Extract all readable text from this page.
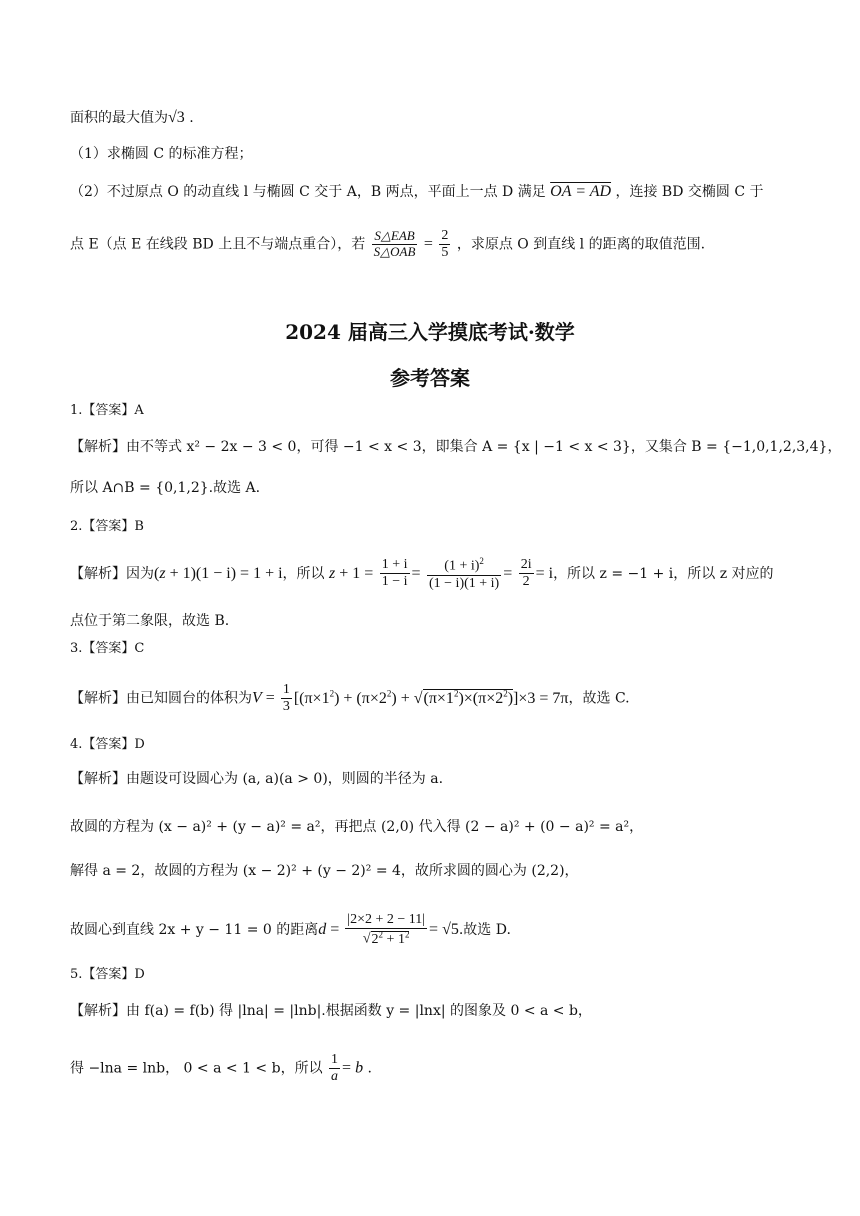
面积的最大值为√3 .
（1）求椭圆 C 的标准方程；
（2）不过原点 O 的动直线 l 与椭圆 C 交于 A，B 两点，平面上一点 D 满足 OA = AD ，连接 BD 交椭圆 C 于
点 E（点 E 在线段 BD 上且不与端点重合），若 $\frac{\text{S△EAB}}{\text{S△OAB}} = \frac{2}{5}$ ，求原点 O 到直线 l 的距离的取值范围.
2024 届高三入学摸底考试·数学
参考答案
1.【答案】A
【解析】由不等式 x² − 2x − 3 < 0，可得 −1 < x < 3，即集合 A = {x | −1 < x < 3}，又集合 B = {−1,0,1,2,3,4}，
所以 A∩B = {0,1,2}.故选 A.
2.【答案】B
【解析】因为(z + 1)(1 − i) = 1 + i，所以 $z + 1 = \frac{1 + i}{1 - i} = \frac{(1 + i)^2}{(1 - i)(1 + i)} = \frac{2i}{2} = i$，所以 z = −1 + i，所以 z 对应的
点位于第二象限，故选 B.
3.【答案】C
【解析】由已知圆台的体积为$V = \frac{1}{3} [(\pi\times 1^2) + (\pi\times 2^2) + √(\pi\times 1^2)\times(\pi\times 2^2)]\times 3 = 7\pi$，故选 C.
4.【答案】D
【解析】由题设可设圆心为 (a, a)(a > 0)，则圆的半径为 a.
故圆的方程为 (x − a)² + (y − a)² = a²，再把点 (2,0) 代入得 (2 − a)² + (0 − a)² = a²，
解得 a = 2，故圆的方程为 (x − 2)² + (y − 2)² = 4，故所求圆的圆心为 (2,2)，
故圆心到直线 2x + y − 11 = 0 的距离$d = \frac{|2\times 2 + 2 - 11|}{√2^2 + 1^2} = √5$.故选 D.
5.【答案】D
【解析】由 f(a) = f(b) 得 |lna| = |lnb|.根据函数 y = |lnx| 的图象及 0 < a < b，
得 −lna = lnb， 0 < a < 1 < b，所以 $\frac{1}{a} = b$ .
